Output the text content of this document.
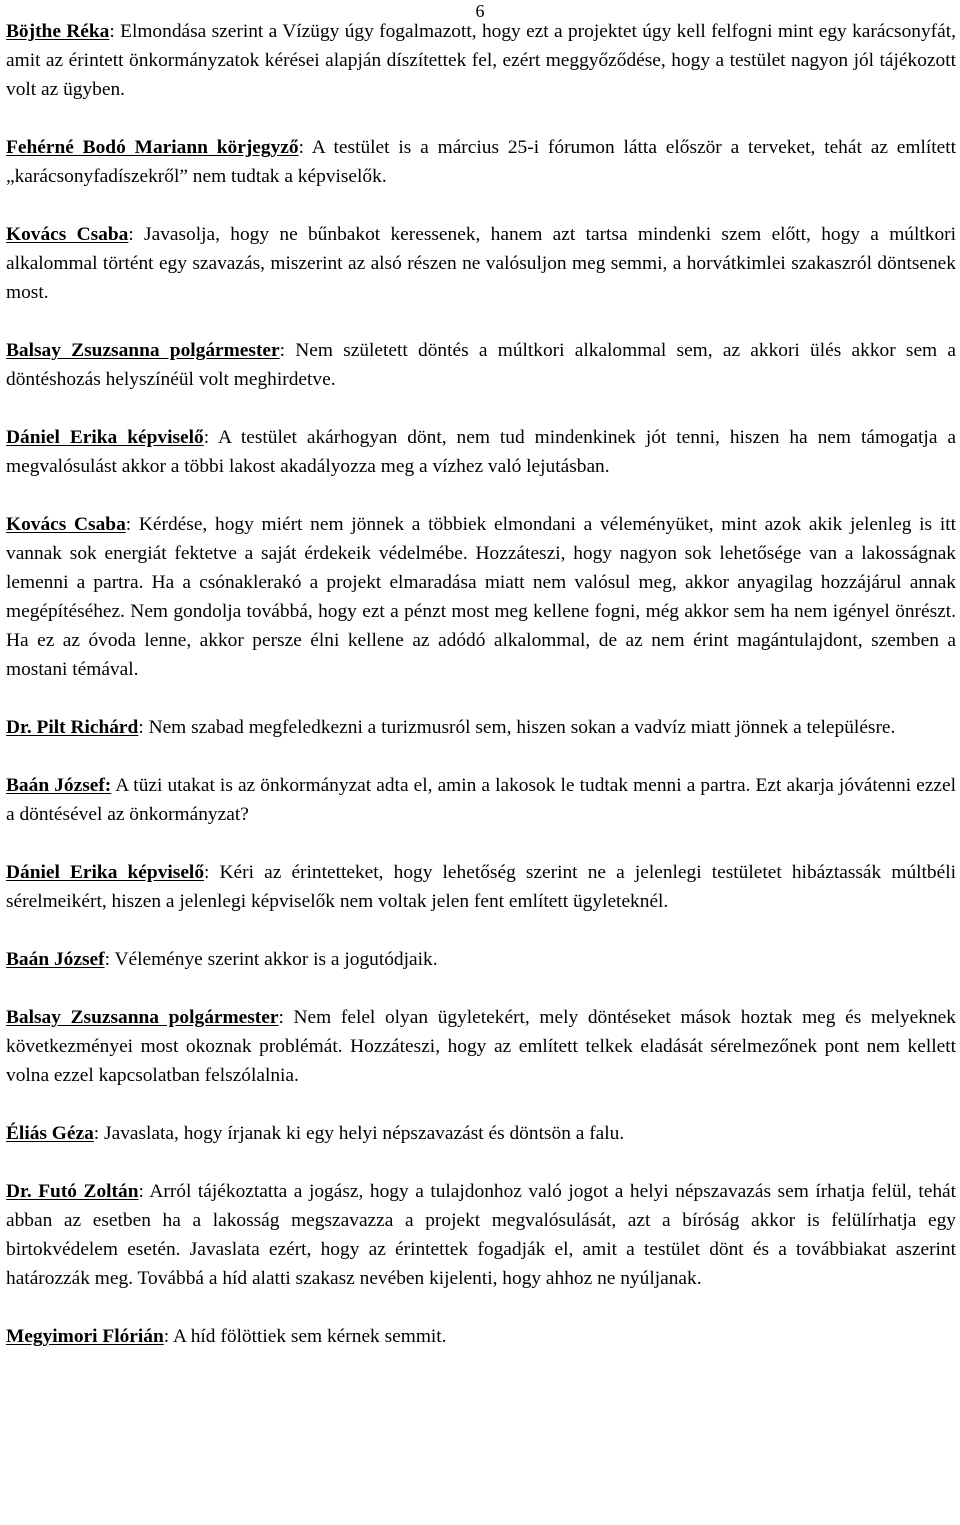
6

Böjthe Réka: Elmondása szerint a Vízügy úgy fogalmazott, hogy ezt a projektet úgy kell felfogni mint egy karácsonyfát, amit az érintett önkormányzatok kérései alapján díszítettek fel, ezért meggyőződése, hogy a testület nagyon jól tájékozott volt az ügyben.

Fehérné Bodó Mariann körjegyző: A testület is a március 25-i fórumon látta először a terveket, tehát az említett „karácsonyfadíszekről” nem tudtak a képviselők.

Kovács Csaba: Javasolja, hogy ne bűnbakot keressenek, hanem azt tartsa mindenki szem előtt, hogy a múltkori alkalommal történt egy szavazás, miszerint az alsó részen ne valósuljon meg semmi, a horvátkimlei szakaszról döntsenek most.

Balsay Zsuzsanna polgármester: Nem született döntés a múltkori alkalommal sem, az akkori ülés akkor sem a döntéshozás helyszínéül volt meghirdetve.

Dániel Erika képviselő: A testület akárhogyan dönt, nem tud mindenkinek jót tenni, hiszen ha nem támogatja a megvalósulást akkor a többi lakost akadályozza meg a vízhez való lejutásban.

Kovács Csaba: Kérdése, hogy miért nem jönnek a többiek elmondani a véleményüket, mint azok akik jelenleg is itt vannak sok energiát fektetve a saját érdekeik védelmébe. Hozzáteszi, hogy nagyon sok lehetősége van a lakosságnak lemenni a partra. Ha a csónaklerakó a projekt elmaradása miatt nem valósul meg, akkor anyagilag hozzájárul annak megépítéséhez. Nem gondolja továbbá, hogy ezt a pénzt most meg kellene fogni, még akkor sem ha nem igényel önrészt. Ha ez az óvoda lenne, akkor persze élni kellene az adódó alkalommal, de az nem érint magántulajdont, szemben a mostani témával.

Dr. Pilt Richárd: Nem szabad megfeledkezni a turizmusról sem, hiszen sokan a vadvíz miatt jönnek a településre.

Baán József: A tüzi utakat is az önkormányzat adta el, amin a lakosok le tudtak menni a partra. Ezt akarja jóvátenni ezzel a döntésével az önkormányzat?

Dániel Erika képviselő: Kéri az érintetteket, hogy lehetőség szerint ne a jelenlegi testületet hibáztassák múltbéli sérelmeikért, hiszen a jelenlegi képviselők nem voltak jelen fent említett ügyleteknél.

Baán József: Véleménye szerint akkor is a jogutódjaik.

Balsay Zsuzsanna polgármester: Nem felel olyan ügyletekért, mely döntéseket mások hoztak meg és melyeknek következményei most okoznak problémát. Hozzáteszi, hogy az említett telkek eladását sérelmezőnek pont nem kellett volna ezzel kapcsolatban felszólalnia.

Éliás Géza: Javaslata, hogy írjanak ki egy helyi népszavazást és döntsön a falu.

Dr. Futó Zoltán: Arról tájékoztatta a jogász, hogy a tulajdonhoz való jogot a helyi népszavazás sem írhatja felül, tehát abban az esetben ha a lakosság megszavazza a projekt megvalósulását, azt a bíróság akkor is felülírhatja egy birtokvédelem esetén. Javaslata ezért, hogy az érintettek fogadják el, amit a testület dönt és a továbbiakat aszerint határozzák meg. Továbbá a híd alatti szakasz nevében kijelenti, hogy ahhoz ne nyúljanak.

Megyimori Flórián: A híd fölöttiek sem kérnek semmit.
